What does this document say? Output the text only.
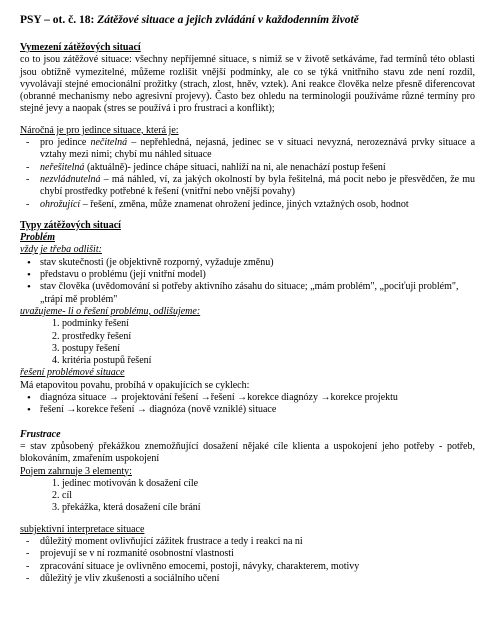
PSY – ot. č. 18: Zátěžové situace a jejich zvládání v každodenním životě
Vymezení zátěžových situací
co to jsou zátěžové situace: všechny nepříjemné situace, s nimiž se v životě setkáváme, řad termínů této oblasti jsou obtížně vymezitelné, můžeme rozlišit vnější podmínky, ale co se týká vnitřního stavu zde není rozdíl, vyvolávají stejné emocionální prožitky (strach, zlost, hněv, vztek). Ani reakce člověka nelze přesně diferencovat (obranné mechanismy nebo agresivní projevy). Často bez ohledu na terminologii používáme různé termíny pro stejné jevy a naopak (stres se používá i pro frustraci a konflikt);
Náročná je pro jedince situace, která je:
- pro jedince nečitelná – nepřehledná, nejasná, jedinec se v situaci nevyzná, nerozeznává prvky situace a vztahy mezi nimi; chybí mu náhled situace
- neřešitelná (aktuálně)- jedince chápe situaci, nahlíží na ni, ale nenachází postup řešení
- nezvládnutelná – má náhled, ví, za jakých okolností by byla řešitelná, má pocit nebo je přesvědčen, že mu chybí prostředky potřebné k řešení (vnitřní nebo vnější povahy)
- ohrožující – řešení, změna, může znamenat ohrožení jedince, jiných vztažných osob, hodnot
Typy zátěžových situací
Problém
vždy je třeba odlišit:
• stav skutečnosti (je objektivně rozporný, vyžaduje změnu)
• představu o problému (její vnitřní model)
• stav člověka (uvědomování si potřeby aktivního zásahu do situace; „mám problém", „pociťuji problém", „trápí mě problém"
uvažujeme- li o řešení problému, odlišujeme:
1. podmínky řešení
2. prostředky řešení
3. postupy řešení
4. kritéria postupů řešení
řešení problémové situace
Má etapovitou povahu, probíhá v opakujících se cyklech:
• diagnóza situace → projektování řešení →řešení →korekce diagnózy →korekce projektu
• řešení →korekce řešení → diagnóza (nově vzniklé) situace
Frustrace
= stav způsobený překážkou znemožňující dosažení nějaké cíle klienta a uspokojení jeho potřeby - potřeb, blokováním, zmařením uspokojení
Pojem zahrnuje 3 elementy:
1. jedinec motivován k dosažení cíle
2. cíl
3. překážka, která dosažení cíle brání
subjektivní interpretace situace
- důležitý moment ovlivňující zážitek frustrace a tedy i reakci na ni
- projevují se v ní rozmanité osobnostní vlastnosti
- zpracování situace je ovlivněno emocemi, postoji, návyky, charakterem, motivy
- důležitý je vliv zkušenosti a sociálního učení
